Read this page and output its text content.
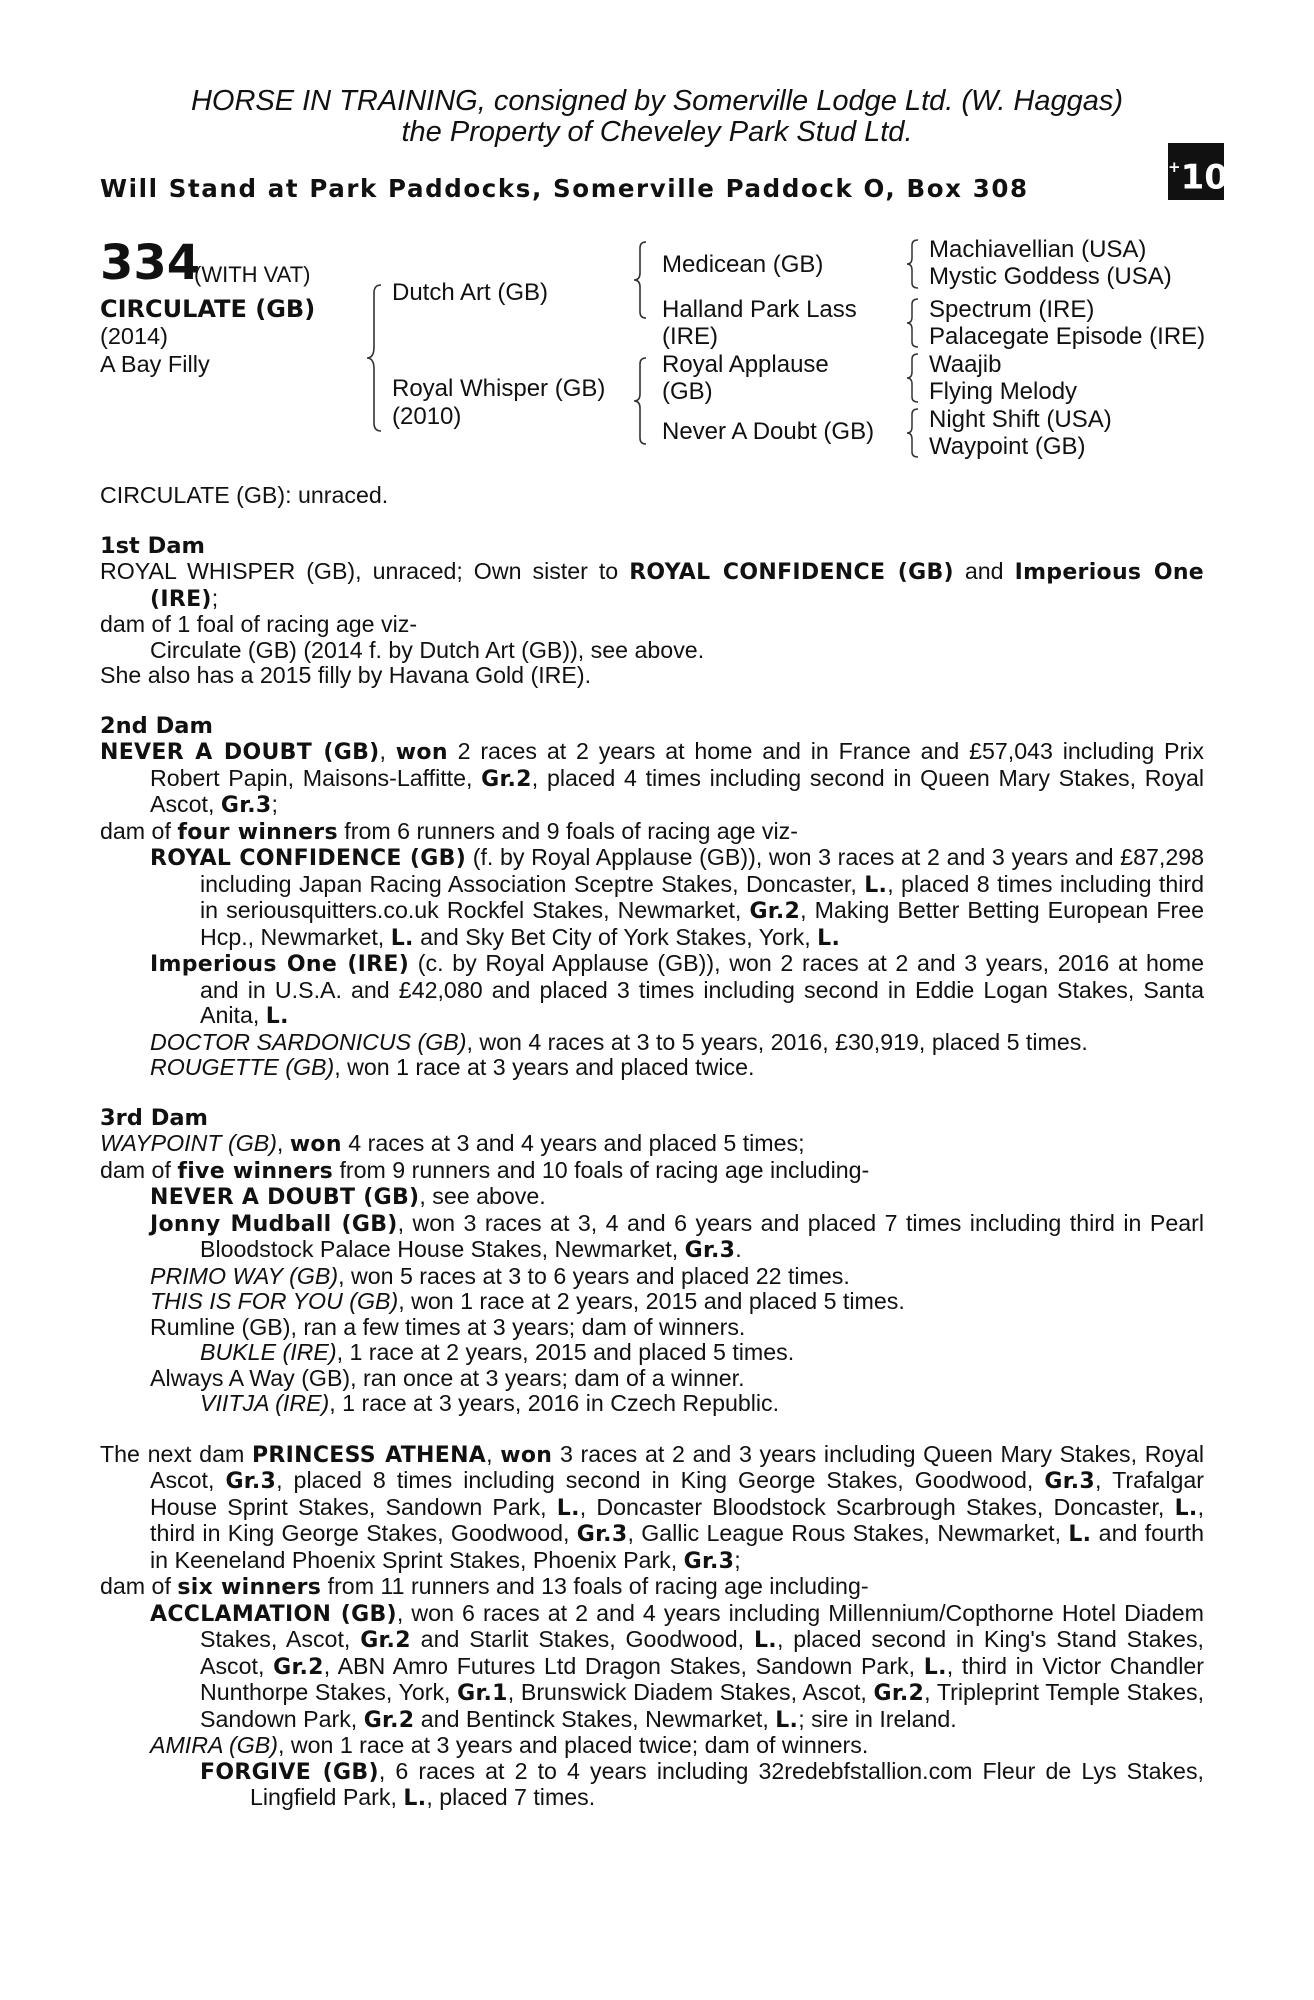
HORSE IN TRAINING, consigned by Somerville Lodge Ltd. (W. Haggas)
the Property of Cheveley Park Stud Ltd.
Will Stand at Park Paddocks, Somerville Paddock O, Box 308
+10
334
(WITH VAT)
CIRCULATE (GB)
(2014)
A Bay Filly
Dutch Art (GB)
Royal Whisper (GB)
(2010)
Medicean (GB)
Halland Park Lass
(IRE)
Royal Applause
(GB)
Never A Doubt (GB)
Machiavellian (USA)
Mystic Goddess (USA)
Spectrum (IRE)
Palacegate Episode (IRE)
Waajib
Flying Melody
Night Shift (USA)
Waypoint (GB)

CIRCULATE (GB): unraced.

1st Dam

ROYAL WHISPER (GB), unraced; Own sister to ROYAL CONFIDENCE (GB) and Imperious One (IRE);

dam of 1 foal of racing age viz-

Circulate (GB) (2014 f. by Dutch Art (GB)), see above.

She also has a 2015 filly by Havana Gold (IRE).

2nd Dam

NEVER A DOUBT (GB), won 2 races at 2 years at home and in France and £57,043 including Prix Robert Papin, Maisons-Laffitte, Gr.2, placed 4 times including second in Queen Mary Stakes, Royal Ascot, Gr.3;

dam of four winners from 6 runners and 9 foals of racing age viz-

ROYAL CONFIDENCE (GB) (f. by Royal Applause (GB)), won 3 races at 2 and 3 years and £87,298 including Japan Racing Association Sceptre Stakes, Doncaster, L., placed 8 times including third in seriousquitters.co.uk Rockfel Stakes, Newmarket, Gr.2, Making Better Betting European Free Hcp., Newmarket, L. and Sky Bet City of York Stakes, York, L.

Imperious One (IRE) (c. by Royal Applause (GB)), won 2 races at 2 and 3 years, 2016 at home and in U.S.A. and £42,080 and placed 3 times including second in Eddie Logan Stakes, Santa Anita, L.

DOCTOR SARDONICUS (GB), won 4 races at 3 to 5 years, 2016, £30,919, placed 5 times.

ROUGETTE (GB), won 1 race at 3 years and placed twice.

3rd Dam

WAYPOINT (GB), won 4 races at 3 and 4 years and placed 5 times;

dam of five winners from 9 runners and 10 foals of racing age including-

NEVER A DOUBT (GB), see above.

Jonny Mudball (GB), won 3 races at 3, 4 and 6 years and placed 7 times including third in Pearl Bloodstock Palace House Stakes, Newmarket, Gr.3.

PRIMO WAY (GB), won 5 races at 3 to 6 years and placed 22 times.

THIS IS FOR YOU (GB), won 1 race at 2 years, 2015 and placed 5 times.

Rumline (GB), ran a few times at 3 years; dam of winners.

BUKLE (IRE), 1 race at 2 years, 2015 and placed 5 times.

Always A Way (GB), ran once at 3 years; dam of a winner.

VIITJA (IRE), 1 race at 3 years, 2016 in Czech Republic.

The next dam PRINCESS ATHENA, won 3 races at 2 and 3 years including Queen Mary Stakes, Royal Ascot, Gr.3, placed 8 times including second in King George Stakes, Goodwood, Gr.3, Trafalgar House Sprint Stakes, Sandown Park, L., Doncaster Bloodstock Scarbrough Stakes, Doncaster, L., third in King George Stakes, Goodwood, Gr.3, Gallic League Rous Stakes, Newmarket, L. and fourth in Keeneland Phoenix Sprint Stakes, Phoenix Park, Gr.3;

dam of six winners from 11 runners and 13 foals of racing age including-

ACCLAMATION (GB), won 6 races at 2 and 4 years including Millennium/Copthorne Hotel Diadem Stakes, Ascot, Gr.2 and Starlit Stakes, Goodwood, L., placed second in King's Stand Stakes, Ascot, Gr.2, ABN Amro Futures Ltd Dragon Stakes, Sandown Park, L., third in Victor Chandler Nunthorpe Stakes, York, Gr.1, Brunswick Diadem Stakes, Ascot, Gr.2, Tripleprint Temple Stakes, Sandown Park, Gr.2 and Bentinck Stakes, Newmarket, L.; sire in Ireland.

AMIRA (GB), won 1 race at 3 years and placed twice; dam of winners.

FORGIVE (GB), 6 races at 2 to 4 years including 32redebfstallion.com Fleur de Lys Stakes, Lingfield Park, L., placed 7 times.
